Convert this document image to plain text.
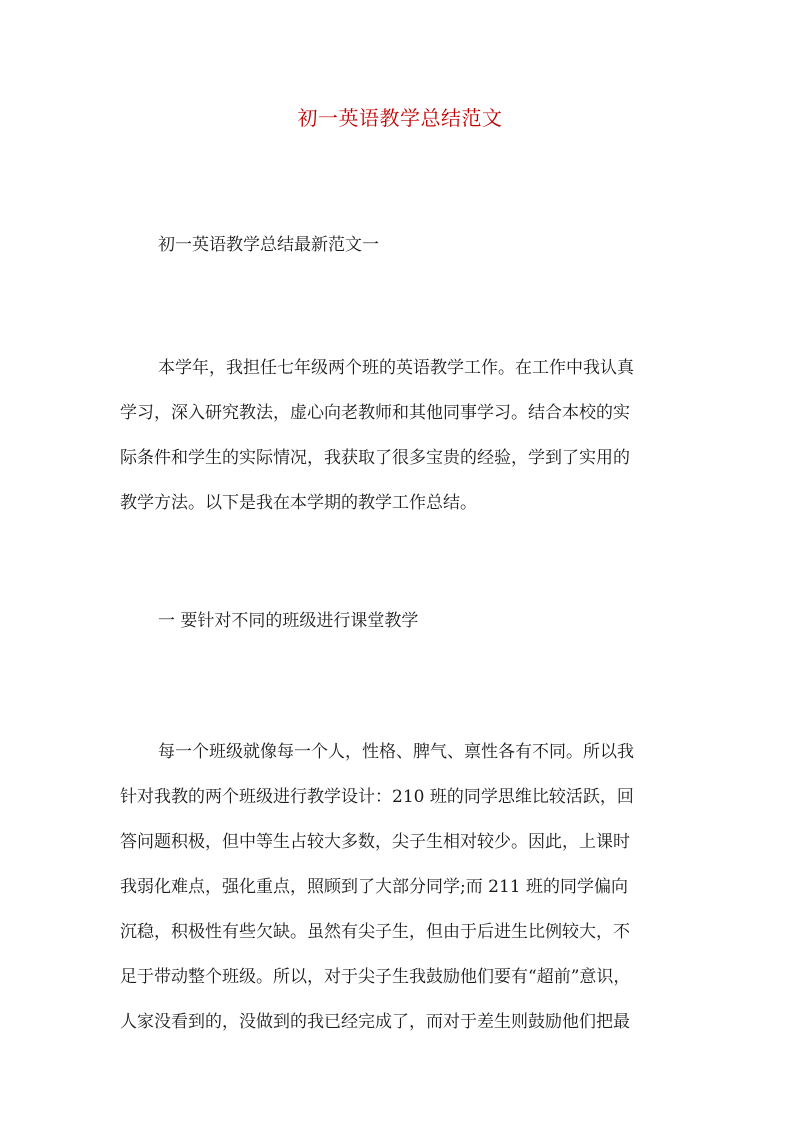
初一英语教学总结范文
初一英语教学总结最新范文一
本学年，我担任七年级两个班的英语教学工作。在工作中我认真
学习，深入研究教法，虚心向老教师和其他同事学习。结合本校的实
际条件和学生的实际情况，我获取了很多宝贵的经验，学到了实用的
教学方法。以下是我在本学期的教学工作总结。
一 要针对不同的班级进行课堂教学
每一个班级就像每一个人，性格、脾气、禀性各有不同。所以我
针对我教的两个班级进行教学设计：210 班的同学思维比较活跃，回
答问题积极，但中等生占较大多数，尖子生相对较少。因此，上课时
我弱化难点，强化重点，照顾到了大部分同学;而 211 班的同学偏向
沉稳，积极性有些欠缺。虽然有尖子生，但由于后进生比例较大，不
足于带动整个班级。所以，对于尖子生我鼓励他们要有“超前”意识，
人家没看到的，没做到的我已经完成了，而对于差生则鼓励他们把最
